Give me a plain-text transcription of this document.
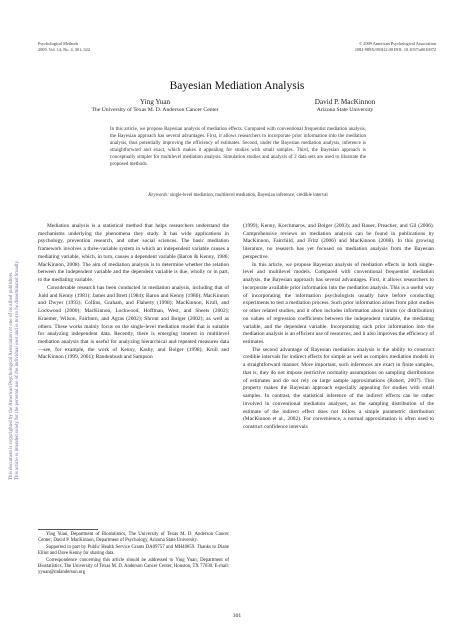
This document is copyrighted by the American Psychological Association or one of its allied publishers. This article is intended solely for the personal use of the individual user and is not to be disseminated broadly.
Psychological Methods
2009, Vol. 14, No. 4, 301–322
© 2009 American Psychological Association
1082-989X/09/$12.00 DOI: 10.1037/a0016972
Bayesian Mediation Analysis
Ying Yuan
The University of Texas M. D. Anderson Cancer Center
David P. MacKinnon
Arizona State University
In this article, we propose Bayesian analysis of mediation effects. Compared with conventional frequentist mediation analysis, the Bayesian approach has several advantages. First, it allows researchers to incorporate prior information into the mediation analysis, thus potentially improving the efficiency of estimates. Second, under the Bayesian mediation analysis, inference is straightforward and exact, which makes it appealing for studies with small samples. Third, the Bayesian approach is conceptually simpler for multilevel mediation analysis. Simulation studies and analysis of 2 data sets are used to illustrate the proposed methods.
Keywords: single-level mediation, multilevel mediation, Bayesian inference, credible interval

Mediation analysis is a statistical method that helps researchers understand the mechanisms underlying the phenomena they study. It has wide applications in psychology, prevention research, and other social sciences. The basic mediation framework involves a three-variable system in which an independent variable causes a mediating variable, which, in turn, causes a dependent variable (Baron & Kenny, 1986; MacKinnon, 2008). The aim of mediation analysis is to determine whether the relation between the independent variable and the dependent variable is due, wholly or in part, to the mediating variable.

Considerable research has been conducted in mediation analysis, including that of Judd and Kenny (1981); James and Brett (1984); Baron and Kenny (1986); MacKinnon and Dwyer (1993); Collins, Graham, and Flaherty (1998); MacKinnon, Krull, and Lockwood (2000); MacKinnon, Lockwood, Hoffman, West, and Sheets (2002); Kraemer, Wilson, Fairburn, and Agras (2002); Shrout and Bolger (2002); as well as others. These works mainly focus on the single-level mediation model that is suitable for analyzing independent data. Recently, there is emerging interest in multilevel mediation analysis that is useful for analyzing hierarchical and repeated measures data—see, for example, the work of Kenny, Kashy, and Bolger (1998); Krull and MacKinnon (1999, 2001); Raudenbush and Sampson

(1999); Kenny, Korchmaros, and Bolger (2003); and Bauer, Preacher, and Gil (2006). Comprehensive reviews on mediation analysis can be found in publications by MacKinnon, Fairchild, and Fritz (2006) and MacKinnon (2008). In this growing literature, no research has yet focused on mediation analysis from the Bayesian perspective.

In this article, we propose Bayesian analysis of mediation effects in both single-level and multilevel models. Compared with conventional frequentist mediation analysis, the Bayesian approach has several advantages. First, it allows researchers to incorporate available prior information into the mediation analysis. This is a useful way of incorporating the information psychologists usually have before conducting experiments to test a mediation process. Such prior information arises from pilot studies or other related studies, and it often includes information about limits (or distribution) on values of regression coefficients between the independent variable, the mediating variable, and the dependent variable. Incorporating such prior information into the mediation analysis is an efficient use of resources, and it also improves the efficiency of estimates.

The second advantage of Bayesian mediation analysis is the ability to construct credible intervals for indirect effects for simple as well as complex mediation models in a straightforward manner. More important, such inferences are exact in finite samples, that is, they do not impose restrictive normality assumptions on sampling distributions of estimates and do not rely on large sample approximations (Robert, 2007). This property makes the Bayesian approach especially appealing for studies with small samples. In contrast, the statistical inference of the indirect effects can be rather involved in conventional mediation analyses, as the sampling distribution of the estimate of the indirect effect does not follow a simple parametric distribution (MacKinnon et al., 2002). For convenience, a normal approximation is often used to construct confidence intervals

Ying Yuan, Department of Biostatistics, The University of Texas M. D. Anderson Cancer Center; David P. MacKinnon, Department of Psychology, Arizona State University.

Supported in part by Public Health Service Grants DA09757 and MH40859. Thanks to Diane Elliot and Dave Kenny for sharing data.

Correspondence concerning this article should be addressed to Ying Yuan, Department of Biostatistics, The University of Texas M. D. Anderson Cancer Center, Houston, TX 77030. E-mail: yyuan@mdanderson.org

301
